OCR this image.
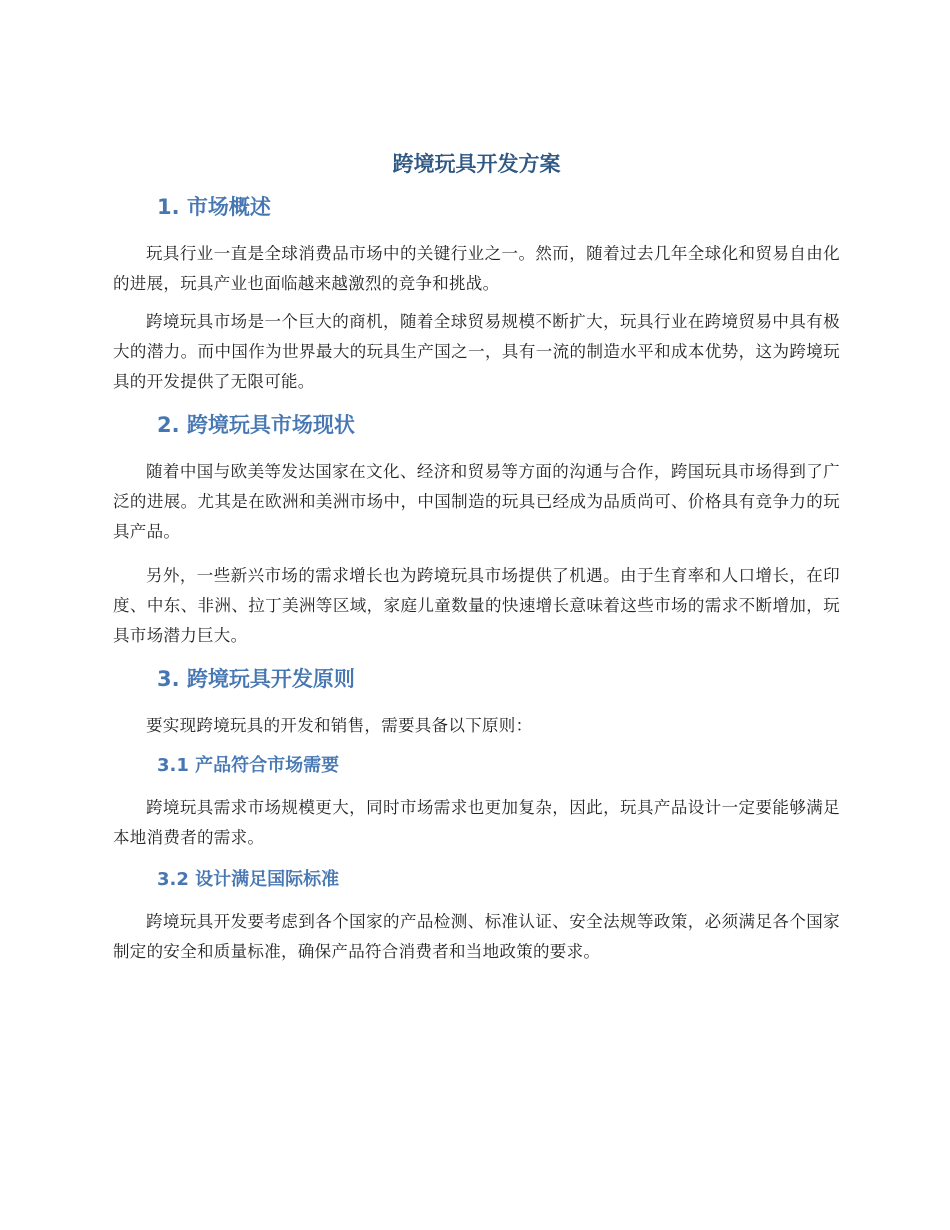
跨境玩具开发方案
1. 市场概述

玩具行业一直是全球消费品市场中的关键行业之一。然而，随着过去几年全球化和贸易自由化的进展，玩具产业也面临越来越激烈的竞争和挑战。

跨境玩具市场是一个巨大的商机，随着全球贸易规模不断扩大，玩具行业在跨境贸易中具有极大的潜力。而中国作为世界最大的玩具生产国之一，具有一流的制造水平和成本优势，这为跨境玩具的开发提供了无限可能。

2. 跨境玩具市场现状

随着中国与欧美等发达国家在文化、经济和贸易等方面的沟通与合作，跨国玩具市场得到了广泛的进展。尤其是在欧洲和美洲市场中，中国制造的玩具已经成为品质尚可、价格具有竞争力的玩具产品。

另外，一些新兴市场的需求增长也为跨境玩具市场提供了机遇。由于生育率和人口增长，在印度、中东、非洲、拉丁美洲等区域，家庭儿童数量的快速增长意味着这些市场的需求不断增加，玩具市场潜力巨大。

3. 跨境玩具开发原则

要实现跨境玩具的开发和销售，需要具备以下原则：

3.1 产品符合市场需要

跨境玩具需求市场规模更大，同时市场需求也更加复杂，因此，玩具产品设计一定要能够满足本地消费者的需求。

3.2 设计满足国际标准

跨境玩具开发要考虑到各个国家的产品检测、标准认证、安全法规等政策，必须满足各个国家制定的安全和质量标准，确保产品符合消费者和当地政策的要求。
